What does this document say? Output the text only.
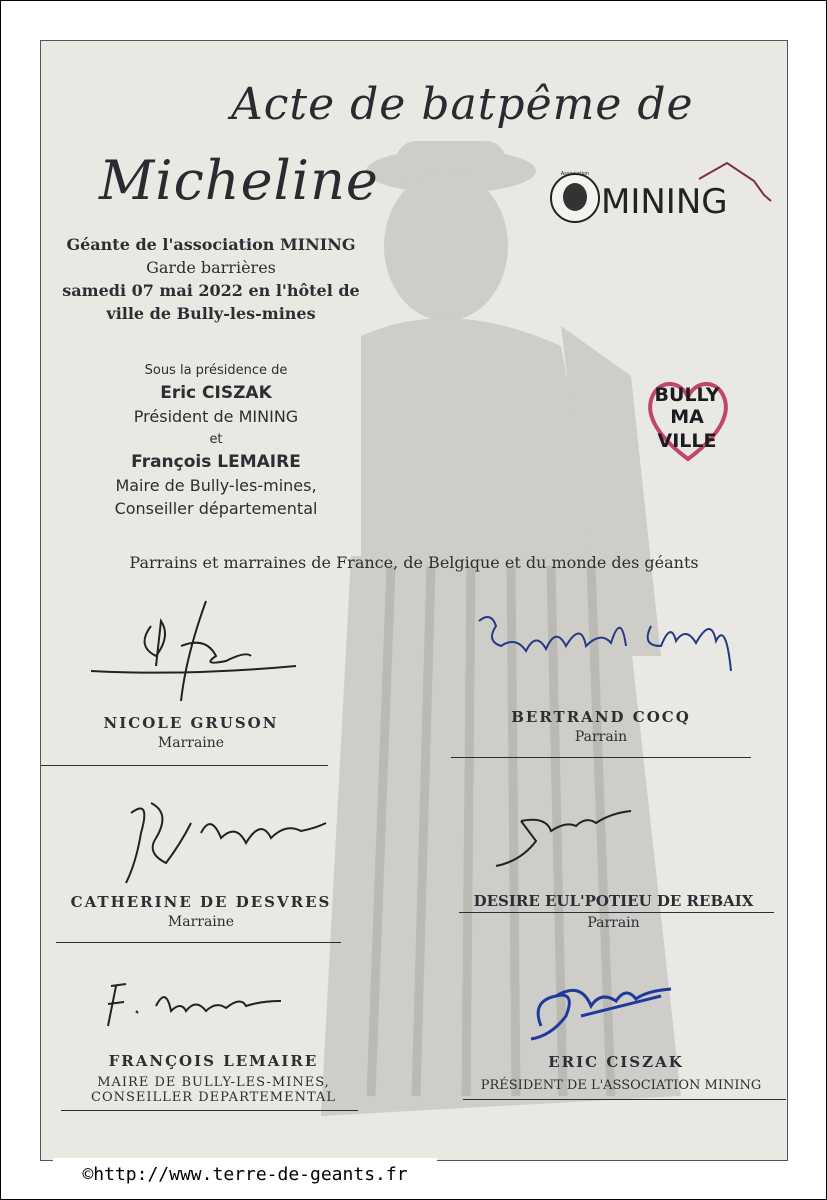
Acte de batpême de
Micheline
Géante de l'association MINING
Garde barrières
samedi 07 mai 2022 en l'hôtel de
ville de Bully-les-mines
Sous la présidence de
Eric CISZAK
Président de MINING
et
François LEMAIRE
Maire de Bully-les-mines,
Conseiller départemental
Association
MINING
BULLY
MA
VILLE
Parrains et marraines de France, de Belgique et du monde des géants
NICOLE GRUSON
Marraine
BERTRAND COCQ
Parrain
CATHERINE DE DESVRES
Marraine
DESIRE EUL'POTIEU DE REBAIX
Parrain
FRANÇOIS LEMAIRE
MAIRE DE BULLY-LES-MINES,
CONSEILLER DEPARTEMENTAL
ERIC CISZAK
PRÉSIDENT DE L'ASSOCIATION MINING
©http://www.terre-de-geants.fr
